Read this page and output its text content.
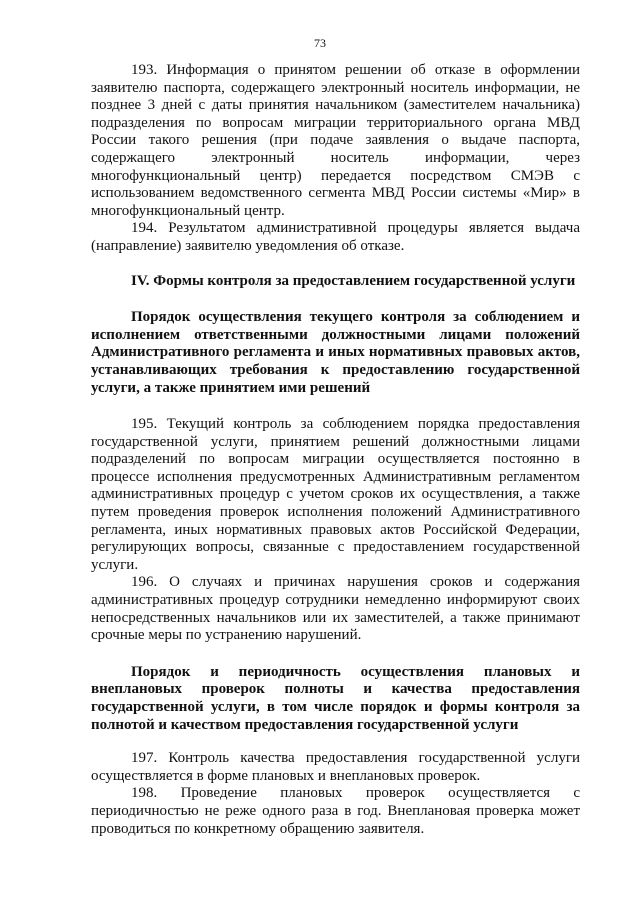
73

193. Информация о принятом решении об отказе в оформлении заявителю паспорта, содержащего электронный носитель информации, не позднее 3 дней с даты принятия начальником (заместителем начальника) подразделения по вопросам миграции территориального органа МВД России такого решения (при подаче заявления о выдаче паспорта, содержащего электронный носитель информации, через многофункциональный центр) передается посредством СМЭВ с использованием ведомственного сегмента МВД России системы «Мир» в многофункциональный центр.

194. Результатом административной процедуры является выдача (направление) заявителю уведомления об отказе.

IV. Формы контроля за предоставлением государственной услуги

Порядок осуществления текущего контроля за соблюдением и исполнением ответственными должностными лицами положений Административного регламента и иных нормативных правовых актов, устанавливающих требования к предоставлению государственной услуги, а также принятием ими решений

195. Текущий контроль за соблюдением порядка предоставления государственной услуги, принятием решений должностными лицами подразделений по вопросам миграции осуществляется постоянно в процессе исполнения предусмотренных Административным регламентом административных процедур с учетом сроков их осуществления, а также путем проведения проверок исполнения положений Административного регламента, иных нормативных правовых актов Российской Федерации, регулирующих вопросы, связанные с предоставлением государственной услуги.

196. О случаях и причинах нарушения сроков и содержания административных процедур сотрудники немедленно информируют своих непосредственных начальников или их заместителей, а также принимают срочные меры по устранению нарушений.

Порядок и периодичность осуществления плановых и внеплановых проверок полноты и качества предоставления государственной услуги, в том числе порядок и формы контроля за полнотой и качеством предоставления государственной услуги

197. Контроль качества предоставления государственной услуги осуществляется в форме плановых и внеплановых проверок.

198. Проведение плановых проверок осуществляется с периодичностью не реже одного раза в год. Внеплановая проверка может проводиться по конкретному обращению заявителя.
